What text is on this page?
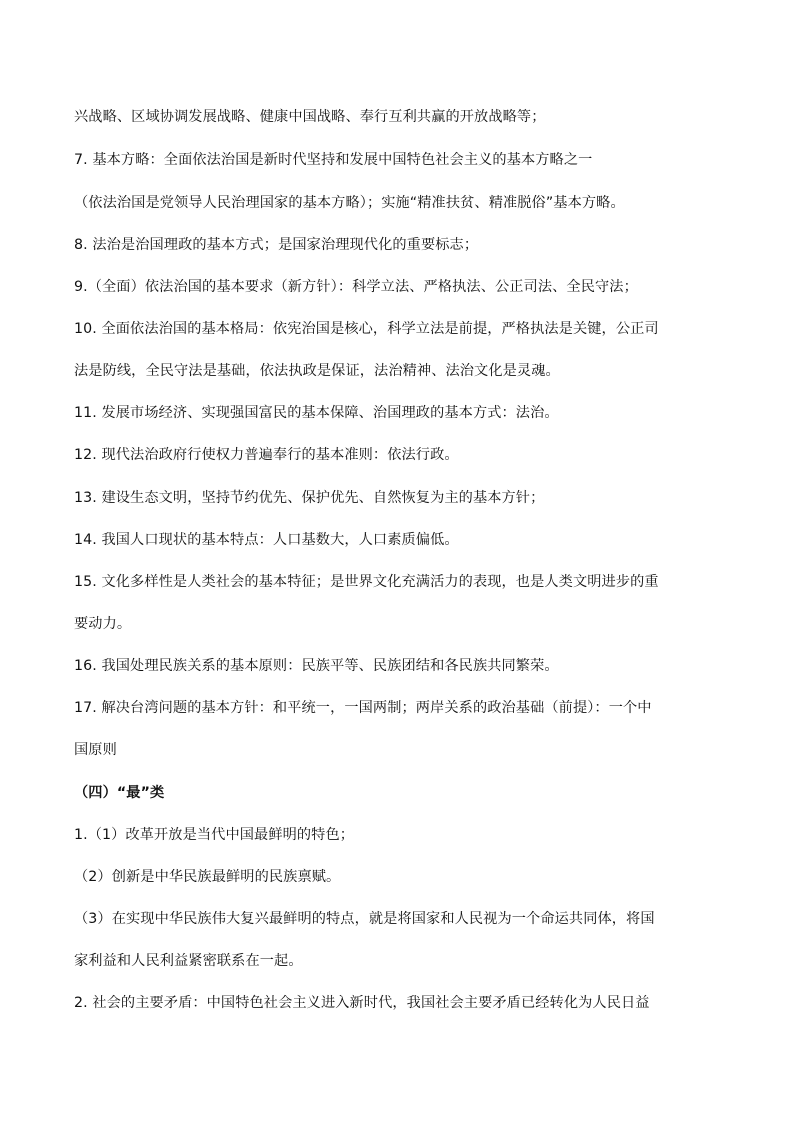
兴战略、区域协调发展战略、健康中国战略、奉行互利共赢的开放战略等；
7. 基本方略：全面依法治国是新时代坚持和发展中国特色社会主义的基本方略之一
（依法治国是党领导人民治理国家的基本方略）；实施“精准扶贫、精准脱俗”基本方略。
8. 法治是治国理政的基本方式；是国家治理现代化的重要标志；
9.（全面）依法治国的基本要求（新方针）：科学立法、严格执法、公正司法、全民守法；
10. 全面依法治国的基本格局：依宪治国是核心，科学立法是前提，严格执法是关键，公正司
法是防线，全民守法是基础，依法执政是保证，法治精神、法治文化是灵魂。
11. 发展市场经济、实现强国富民的基本保障、治国理政的基本方式：法治。
12. 现代法治政府行使权力普遍奉行的基本准则：依法行政。
13. 建设生态文明，坚持节约优先、保护优先、自然恢复为主的基本方针；
14. 我国人口现状的基本特点：人口基数大，人口素质偏低。
15. 文化多样性是人类社会的基本特征；是世界文化充满活力的表现，也是人类文明进步的重
要动力。
16. 我国处理民族关系的基本原则：民族平等、民族团结和各民族共同繁荣。
17. 解决台湾问题的基本方针：和平统一，一国两制；两岸关系的政治基础（前提）：一个中
国原则
（四）“最”类
1.（1）改革开放是当代中国最鲜明的特色；
（2）创新是中华民族最鲜明的民族禀赋。
（3）在实现中华民族伟大复兴最鲜明的特点，就是将国家和人民视为一个命运共同体，将国
家利益和人民利益紧密联系在一起。
2. 社会的主要矛盾：中国特色社会主义进入新时代，我国社会主要矛盾已经转化为人民日益
